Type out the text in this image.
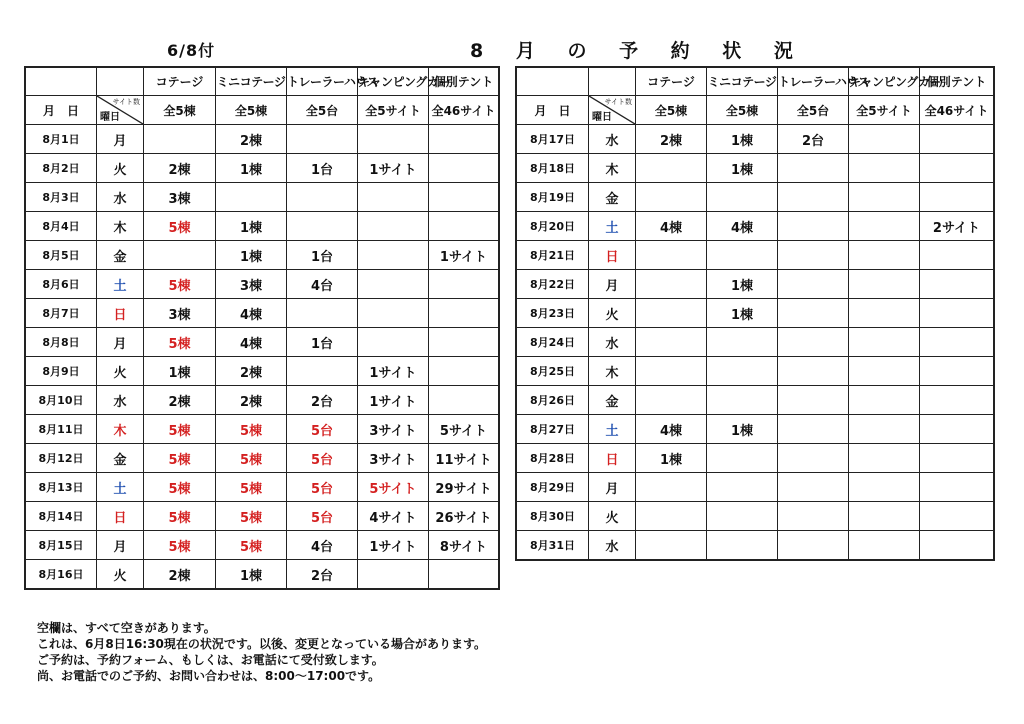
6/8付	8 月 の 予 約 状 況
		コテージ	ミニコテージ	トレーラーハウス	キャンピングカー	個別テント
月　日	サイト数
曜日	全5棟	全5棟	全5台	全5サイト	全46サイト
8月1日	月		2棟			
8月2日	火	2棟	1棟	1台	1サイト	
8月3日	水	3棟				
8月4日	木	5棟	1棟			
8月5日	金		1棟	1台		1サイト
8月6日	土	5棟	3棟	4台		
8月7日	日	3棟	4棟			
8月8日	月	5棟	4棟	1台		
8月9日	火	1棟	2棟		1サイト	
8月10日	水	2棟	2棟	2台	1サイト	
8月11日	木	5棟	5棟	5台	3サイト	5サイト
8月12日	金	5棟	5棟	5台	3サイト	11サイト
8月13日	土	5棟	5棟	5台	5サイト	29サイト
8月14日	日	5棟	5棟	5台	4サイト	26サイト
8月15日	月	5棟	5棟	4台	1サイト	8サイト
8月16日	火	2棟	1棟	2台		
		コテージ	ミニコテージ	トレーラーハウス	キャンピングカー	個別テント
月　日	サイト数
曜日	全5棟	全5棟	全5台	全5サイト	全46サイト
8月17日	水	2棟	1棟	2台		
8月18日	木		1棟			
8月19日	金					
8月20日	土	4棟	4棟			2サイト
8月21日	日					
8月22日	月		1棟			
8月23日	火		1棟			
8月24日	水					
8月25日	木					
8月26日	金					
8月27日	土	4棟	1棟			
8月28日	日	1棟				
8月29日	月					
8月30日	火					
8月31日	水					
空欄は、すべて空きがあります。
これは、6月8日16:30現在の状況です。以後、変更となっている場合があります。
ご予約は、予約フォーム、もしくは、お電話にて受付致します。
尚、お電話でのご予約、お問い合わせは、8:00～17:00です。
